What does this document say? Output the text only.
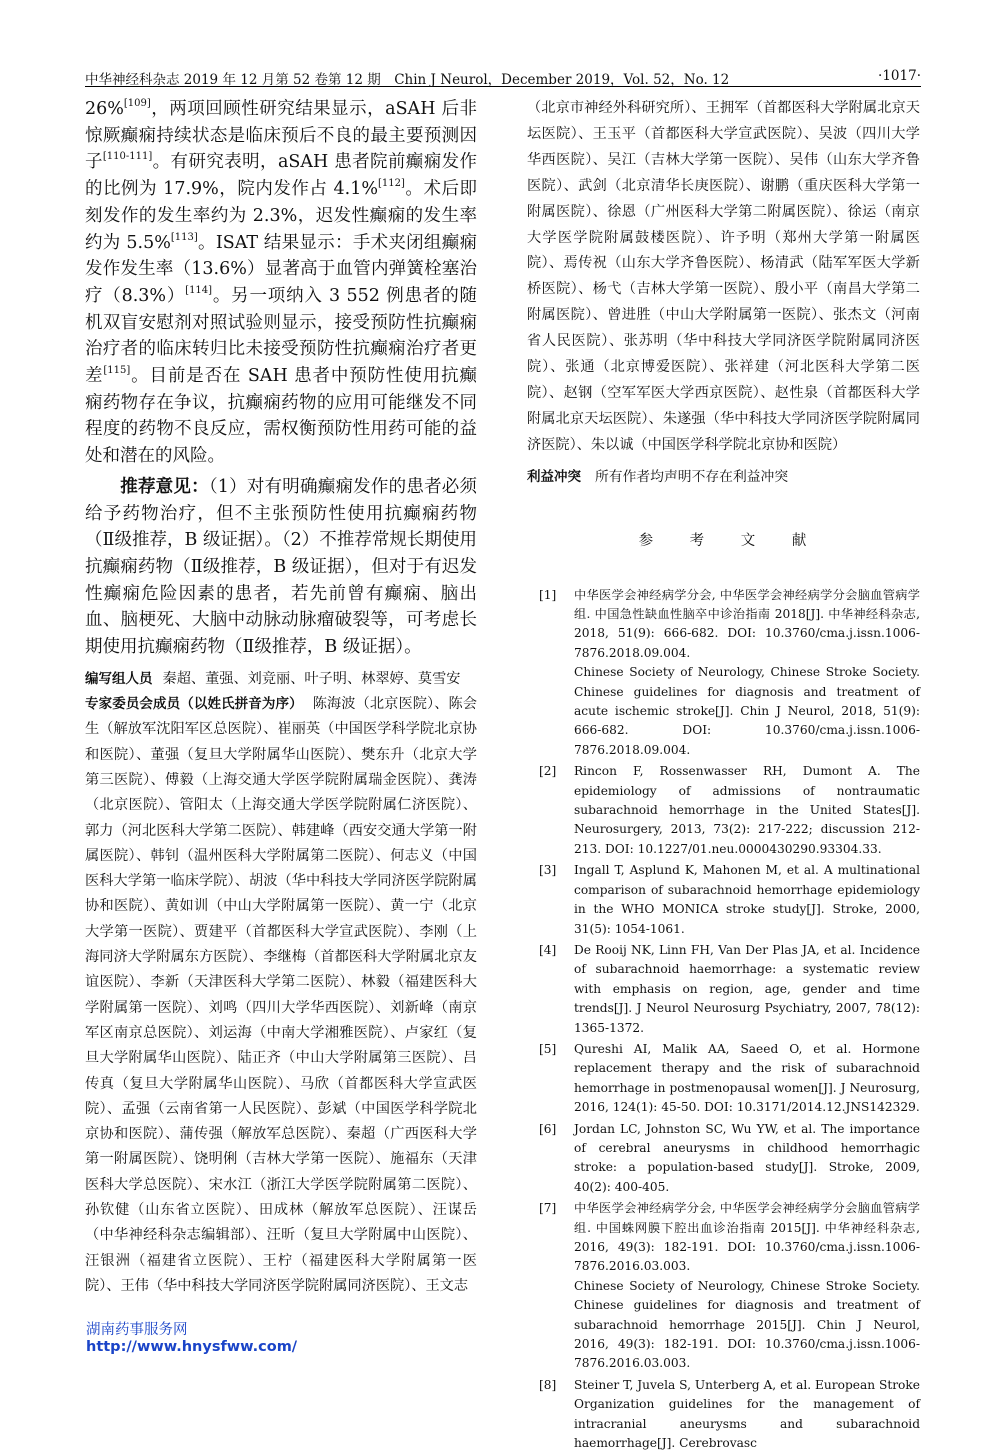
中华神经科杂志 2019 年 12 月第 52 卷第 12 期　Chin J Neurol，December 2019，Vol. 52，No. 12	·1017·

26%[109]，两项回顾性研究结果显示，aSAH 后非惊厥癫痫持续状态是临床预后不良的最主要预测因子[110-111]。有研究表明，aSAH 患者院前癫痫发作的比例为 17.9%，院内发作占 4.1%[112]。术后即刻发作的发生率约为 2.3%，迟发性癫痫的发生率约为 5.5%[113]。ISAT 结果显示：手术夹闭组癫痫发作发生率（13.6%）显著高于血管内弹簧栓塞治疗（8.3%）[114]。另一项纳入 3 552 例患者的随机双盲安慰剂对照试验则显示，接受预防性抗癫痫治疗者的临床转归比未接受预防性抗癫痫治疗者更差[115]。目前是否在 SAH 患者中预防性使用抗癫痫药物存在争议，抗癫痫药物的应用可能继发不同程度的药物不良反应，需权衡预防性用药可能的益处和潜在的风险。

推荐意见：（1）对有明确癫痫发作的患者必须给予药物治疗，但不主张预防性使用抗癫痫药物（Ⅱ级推荐，B 级证据）。（2）不推荐常规长期使用抗癫痫药物（Ⅱ级推荐，B 级证据），但对于有迟发性癫痫危险因素的患者，若先前曾有癫痫、脑出血、脑梗死、大脑中动脉动脉瘤破裂等，可考虑长期使用抗癫痫药物（Ⅱ级推荐，B 级证据）。

编写组人员 秦超、董强、刘竞丽、叶子明、林翠婷、莫雪安

专家委员会成员（以姓氏拼音为序） 陈海波（北京医院）、陈会生（解放军沈阳军区总医院）、崔丽英（中国医学科学院北京协和医院）、董强（复旦大学附属华山医院）、樊东升（北京大学第三医院）、傅毅（上海交通大学医学院附属瑞金医院）、龚涛（北京医院）、管阳太（上海交通大学医学院附属仁济医院）、郭力（河北医科大学第二医院）、韩建峰（西安交通大学第一附属医院）、韩钊（温州医科大学附属第二医院）、何志义（中国医科大学第一临床学院）、胡波（华中科技大学同济医学院附属协和医院）、黄如训（中山大学附属第一医院）、黄一宁（北京大学第一医院）、贾建平（首都医科大学宣武医院）、李刚（上海同济大学附属东方医院）、李继梅（首都医科大学附属北京友谊医院）、李新（天津医科大学第二医院）、林毅（福建医科大学附属第一医院）、刘鸣（四川大学华西医院）、刘新峰（南京军区南京总医院）、刘运海（中南大学湘雅医院）、卢家红（复旦大学附属华山医院）、陆正齐（中山大学附属第三医院）、吕传真（复旦大学附属华山医院）、马欣（首都医科大学宣武医院）、孟强（云南省第一人民医院）、彭斌（中国医学科学院北京协和医院）、蒲传强（解放军总医院）、秦超（广西医科大学第一附属医院）、饶明俐（吉林大学第一医院）、施福东（天津医科大学总医院）、宋水江（浙江大学医学院附属第二医院）、孙钦健（山东省立医院）、田成林（解放军总医院）、汪谋岳（中华神经科杂志编辑部）、汪昕（复旦大学附属中山医院）、汪银洲（福建省立医院）、王柠（福建医科大学附属第一医院）、王伟（华中科技大学同济医学院附属同济医院）、王文志

（北京市神经外科研究所）、王拥军（首都医科大学附属北京天坛医院）、王玉平（首都医科大学宣武医院）、吴波（四川大学华西医院）、吴江（吉林大学第一医院）、吴伟（山东大学齐鲁医院）、武剑（北京清华长庚医院）、谢鹏（重庆医科大学第一附属医院）、徐恩（广州医科大学第二附属医院）、徐运（南京大学医学院附属鼓楼医院）、许予明（郑州大学第一附属医院）、焉传祝（山东大学齐鲁医院）、杨清武（陆军军医大学新桥医院）、杨弋（吉林大学第一医院）、殷小平（南昌大学第二附属医院）、曾进胜（中山大学附属第一医院）、张杰文（河南省人民医院）、张苏明（华中科技大学同济医学院附属同济医院）、张通（北京博爱医院）、张祥建（河北医科大学第二医院）、赵钢（空军军医大学西京医院）、赵性泉（首都医科大学附属北京天坛医院）、朱遂强（华中科技大学同济医学院附属同济医院）、朱以诚（中国医学科学院北京协和医院）

利益冲突 所有作者均声明不存在利益冲突

参 考 文 献
[1] 中华医学会神经病学分会, 中华医学会神经病学分会脑血管病学组. 中国急性缺血性脑卒中诊治指南 2018[J]. 中华神经科杂志, 2018, 51(9): 666-682. DOI: 10.3760/cma.j.issn.1006-7876.2018.09.004.
Chinese Society of Neurology, Chinese Stroke Society. Chinese guidelines for diagnosis and treatment of acute ischemic stroke[J]. Chin J Neurol, 2018, 51(9): 666-682. DOI: 10.3760/cma.j.issn.1006-7876.2018.09.004.
[2] Rincon F, Rossenwasser RH, Dumont A. The epidemiology of admissions of nontraumatic subarachnoid hemorrhage in the United States[J]. Neurosurgery, 2013, 73(2): 217-222; discussion 212-213. DOI: 10.1227/01.neu.0000430290.93304.33.
[3] Ingall T, Asplund K, Mahonen M, et al. A multinational comparison of subarachnoid hemorrhage epidemiology in the WHO MONICA stroke study[J]. Stroke, 2000, 31(5): 1054-1061.
[4] De Rooij NK, Linn FH, Van Der Plas JA, et al. Incidence of subarachnoid haemorrhage: a systematic review with emphasis on region, age, gender and time trends[J]. J Neurol Neurosurg Psychiatry, 2007, 78(12): 1365-1372.
[5] Qureshi AI, Malik AA, Saeed O, et al. Hormone replacement therapy and the risk of subarachnoid hemorrhage in postmenopausal women[J]. J Neurosurg, 2016, 124(1): 45-50. DOI: 10.3171/2014.12.JNS142329.
[6] Jordan LC, Johnston SC, Wu YW, et al. The importance of cerebral aneurysms in childhood hemorrhagic stroke: a population-based study[J]. Stroke, 2009, 40(2): 400-405.
[7] 中华医学会神经病学分会, 中华医学会神经病学分会脑血管病学组. 中国蛛网膜下腔出血诊治指南 2015[J]. 中华神经科杂志, 2016, 49(3): 182-191. DOI: 10.3760/cma.j.issn.1006-7876.2016.03.003.
Chinese Society of Neurology, Chinese Stroke Society. Chinese guidelines for diagnosis and treatment of subarachnoid hemorrhage 2015[J]. Chin J Neurol, 2016, 49(3): 182-191. DOI: 10.3760/cma.j.issn.1006-7876.2016.03.003.
[8] Steiner T, Juvela S, Unterberg A, et al. European Stroke Organization guidelines for the management of intracranial aneurysms and subarachnoid haemorrhage[J]. Cerebrovasc
湖南药事服务网
http://www.hnysfww.com/
